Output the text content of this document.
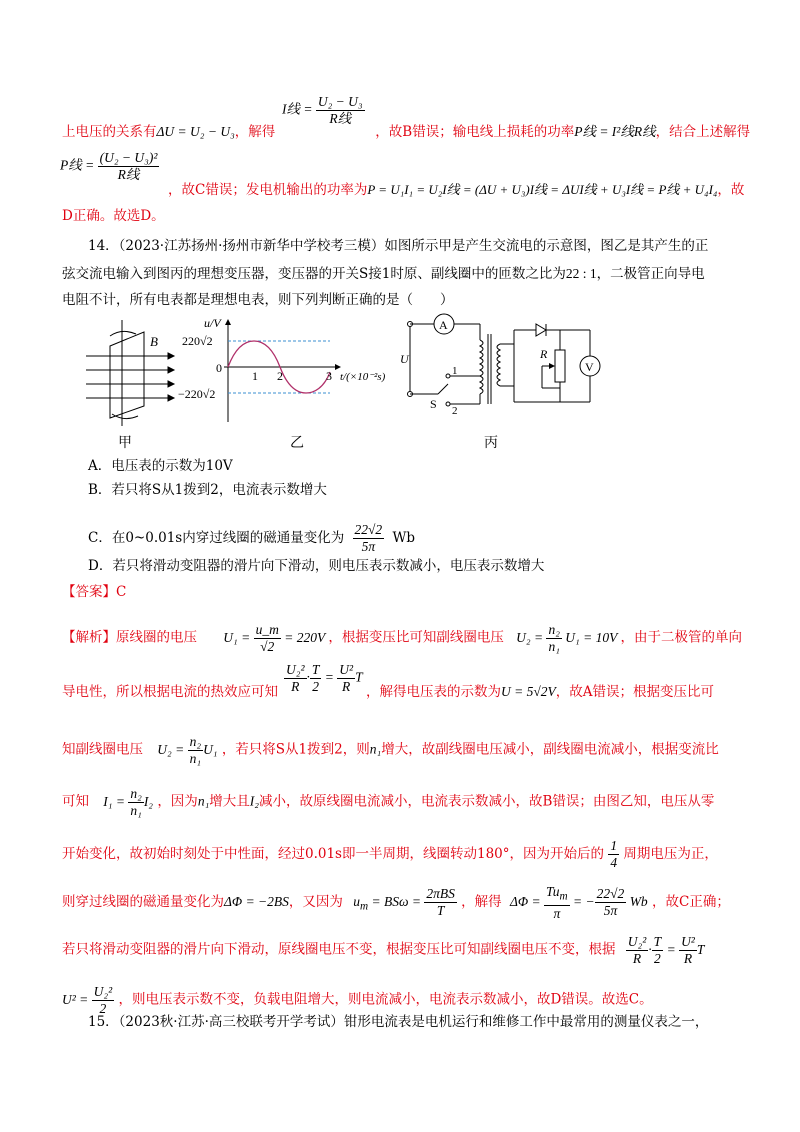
I线 = $\frac{\text{U₂ − U₃}}{\text{R线}}$
上电压的关系有ΔU = U₂ − U₃，解得	，故B错误；输电线上损耗的功率P线 = I²线R线，结合上述解得
P线 = $\frac{\text{(U₂ − U₃)²}}{\text{R线}}$
，故C错误；发电机输出的功率为P = U₁I₁ = U₂I线 = (ΔU + U₃)I线 = ΔUI线 + U₃I线 = P线 + U₄I₄，故
D正确。故选D。
14．（2023·江苏扬州·扬州市新华中学校考三模）如图所示甲是产生交流电的示意图，图乙是其产生的正
弦交流电输入到图丙的理想变压器，变压器的开关S接1时原、副线圈中的匝数之比为22 : 1，二极管正向导电
电阻不计，所有电表都是理想电表，则下列判断正确的是（　　）
B
u/V
220√2
0
−220√2
1 2	3 t/(×10⁻²s)
A
U
S
1
2
R
V
甲	乙	丙
A．电压表的示数为10V
B．若只将S从1拨到2，电流表示数增大
C．在0~0.01s内穿过线圈的磁通量变化为 $\frac{22√2}{5\pi}$ Wb
D．若只将滑动变阻器的滑片向下滑动，则电压表示数减小，电压表示数增大
【答案】C
【解析】原线圈的电压 $U_1 = \frac{u\_m}{√2} = 220V$ ，根据变压比可知副线圈电压 $U_2 = \frac{\text{n₂}}{\text{n₁}} U_1 = 10V$ ，由于二极管的单向
$\frac{\text{U₂²}}{R} \cdot \frac{T}{2} = \frac{\text{U²}}{R}$ T
导电性，所以根据电流的热效应可知	，解得电压表的示数为U = 5√2V，故A错误；根据变压比可
知副线圈电压 $U_2 = \frac{\text{n₂}}{\text{n₁}} U_1$ ，若只将S从1拨到2，则n₁增大，故副线圈电压减小，副线圈电流减小，根据变流比
可知 $I_1 = \frac{\text{n₂}}{\text{n₁}} I_2$ ，因为n₁增大且I₂减小，故原线圈电流减小，电流表示数减小，故B错误；由图乙知，电压从零
开始变化，故初始时刻处于中性面，经过0.01s即一半周期，线圈转动180°，因为开始后的 $\frac{1}{4}$ 周期电压为正，
则穿过线圈的磁通量变化为ΔΦ = −2BS，又因为 $u_m = BS\omega = \frac{\text{2πBS}}{T}$ ，解得 $\Delta\Phi = \frac{Tu_m}{\pi}$ = − $\frac{22√2}{5\pi}$ Wb ，故C正确；
若只将滑动变阻器的滑片向下滑动，原线圈电压不变，根据变压比可知副线圈电压不变，根据 $\frac{\text{U₂²}}{R} \cdot \frac{T}{2} = \frac{\text{U²}}{R}$ T
$U^2 = \frac{\text{U₂²}}{2}$ ，则电压表示数不变，负载电阻增大，则电流减小，电流表示数减小，故D错误。故选C。
15．（2023秋·江苏·高三校联考开学考试）钳形电流表是电机运行和维修工作中最常用的测量仪表之一，
